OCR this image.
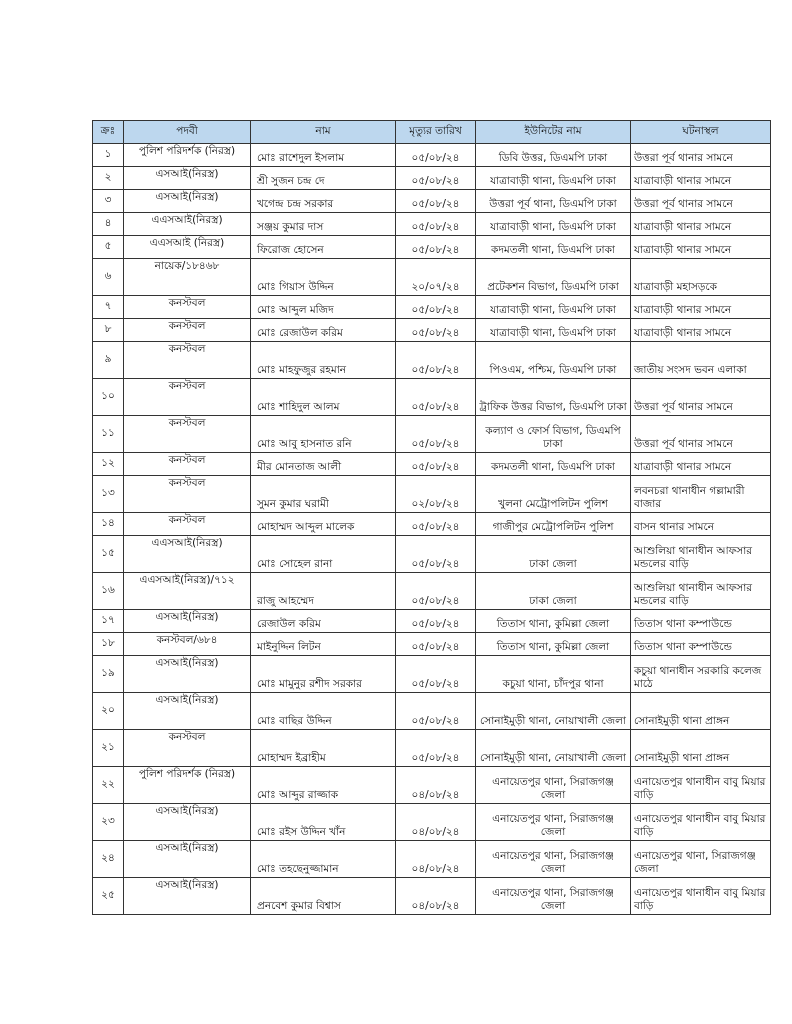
ক্রঃ	পদবী	নাম	মৃত্যুর তারিখ	ইউনিটের নাম	ঘটনাস্থল
১	পুলিশ পরিদর্শক (নিরস্ত্র)	মোঃ রাশেদুল ইসলাম	০৫/০৮/২৪	ডিবি উত্তর, ডিএমপি ঢাকা	উত্তরা পূর্ব থানার সামনে
২	এসআই(নিরস্ত্র)	শ্রী সুজন চন্দ্র দে	০৫/০৮/২৪	যাত্রাবাড়ী থানা, ডিএমপি ঢাকা	যাত্রাবাড়ী থানার সামনে
৩	এসআই(নিরস্ত্র)	খগেন্দ্র চন্দ্র সরকার	০৫/০৮/২৪	উত্তরা পূর্ব থানা, ডিএমপি ঢাকা	উত্তরা পূর্ব থানার সামনে
৪	এএসআই(নিরস্ত্র)	সঞ্জয় কুমার দাস	০৫/০৮/২৪	যাত্রাবাড়ী থানা, ডিএমপি ঢাকা	যাত্রাবাড়ী থানার সামনে
৫	এএসআই (নিরস্ত্র)	ফিরোজ হোসেন	০৫/০৮/২৪	কদমতলী থানা, ডিএমপি ঢাকা	যাত্রাবাড়ী থানার সামনে
৬	নায়েক/১৮৪৬৮	মোঃ গিয়াস উদ্দিন	২০/০৭/২৪	প্রটেকশন বিভাগ, ডিএমপি ঢাকা	যাত্রাবাড়ী মহাসড়কে
৭	কনস্টবল	মোঃ আব্দুল মজিদ	০৫/০৮/২৪	যাত্রাবাড়ী থানা, ডিএমপি ঢাকা	যাত্রাবাড়ী থানার সামনে
৮	কনস্টবল	মোঃ রেজাউল করিম	০৫/০৮/২৪	যাত্রাবাড়ী থানা, ডিএমপি ঢাকা	যাত্রাবাড়ী থানার সামনে
৯	কনস্টবল	মোঃ মাহফুজুর রহমান	০৫/০৮/২৪	পিওএম, পশ্চিম, ডিএমপি ঢাকা	জাতীয় সংসদ ভবন এলাকা
১০	কনস্টবল	মোঃ শাহিদুল আলম	০৫/০৮/২৪	ট্রাফিক উত্তর বিভাগ, ডিএমপি ঢাকা	উত্তরা পূর্ব থানার সামনে
১১	কনস্টবল	মোঃ আবু হাসনাত রনি	০৫/০৮/২৪	কল্যাণ ও ফোর্স বিভাগ, ডিএমপি ঢাকা	উত্তরা পূর্ব থানার সামনে
১২	কনস্টবল	মীর মোনতাজ আলী	০৫/০৮/২৪	কদমতলী থানা, ডিএমপি ঢাকা	যাত্রাবাড়ী থানার সামনে
১৩	কনস্টবল	সুমন কুমার ঘরামী	০২/০৮/২৪	খুলনা মেট্রোপলিটন পুলিশ	লবনচরা থানাধীন গল্লামারী বাজার
১৪	কনস্টবল	মোহাম্মদ আব্দুল মালেক	০৫/০৮/২৪	গাজীপুর মেট্রোপলিটন পুলিশ	বাসন থানার সামনে
১৫	এএসআই(নিরস্ত্র)	মোঃ সোহেল রানা	০৫/০৮/২৪	ঢাকা জেলা	আশুলিয়া থানাধীন আফসার মন্ডলের বাড়ি
১৬	এএসআই(নিরস্ত্র)/৭১২	রাজু আহম্মেদ	০৫/০৮/২৪	ঢাকা জেলা	আশুলিয়া থানাধীন আফসার মন্ডলের বাড়ি
১৭	এসআই(নিরস্ত্র)	রেজাউল করিম	০৫/০৮/২৪	তিতাস থানা, কুমিল্লা জেলা	তিতাস থানা কম্পাউন্ডে
১৮	কনস্টবল/৬৮৪	মাইনুদ্দিন লিটন	০৫/০৮/২৪	তিতাস থানা, কুমিল্লা জেলা	তিতাস থানা কম্পাউন্ডে
১৯	এসআই(নিরস্ত্র)	মোঃ মামুনুর রশীদ সরকার	০৫/০৮/২৪	কচুয়া থানা, চাঁদপুর থানা	কচুয়া থানাধীন সরকারি কলেজ মাঠে
২০	এসআই(নিরস্ত্র)	মোঃ বাছির উদ্দিন	০৫/০৮/২৪	সোনাইমুড়ী থানা, নোয়াখালী জেলা	সোনাইমুড়ী থানা প্রাঙ্গন
২১	কনস্টবল	মোহাম্মদ ইব্রাহীম	০৫/০৮/২৪	সোনাইমুড়ী থানা, নোয়াখালী জেলা	সোনাইমুড়ী থানা প্রাঙ্গন
২২	পুলিশ পরিদর্শক (নিরস্ত্র)	মোঃ আব্দুর রাজ্জাক	০৪/০৮/২৪	এনায়েতপুর থানা, সিরাজগঞ্জ জেলা	এনায়েতপুর থানাধীন বাবু মিয়ার বাড়ি
২৩	এসআই(নিরস্ত্র)	মোঃ রইস উদ্দিন খাঁন	০৪/০৮/২৪	এনায়েতপুর থানা, সিরাজগঞ্জ জেলা	এনায়েতপুর থানাধীন বাবু মিয়ার বাড়ি
২৪	এসআই(নিরস্ত্র)	মোঃ তহছেনুজ্জামান	০৪/০৮/২৪	এনায়েতপুর থানা, সিরাজগঞ্জ জেলা	এনায়েতপুর থানা, সিরাজগঞ্জ জেলা
২৫	এসআই(নিরস্ত্র)	প্রনবেশ কুমার বিশ্বাস	০৪/০৮/২৪	এনায়েতপুর থানা, সিরাজগঞ্জ জেলা	এনায়েতপুর থানাধীন বাবু মিয়ার বাড়ি
